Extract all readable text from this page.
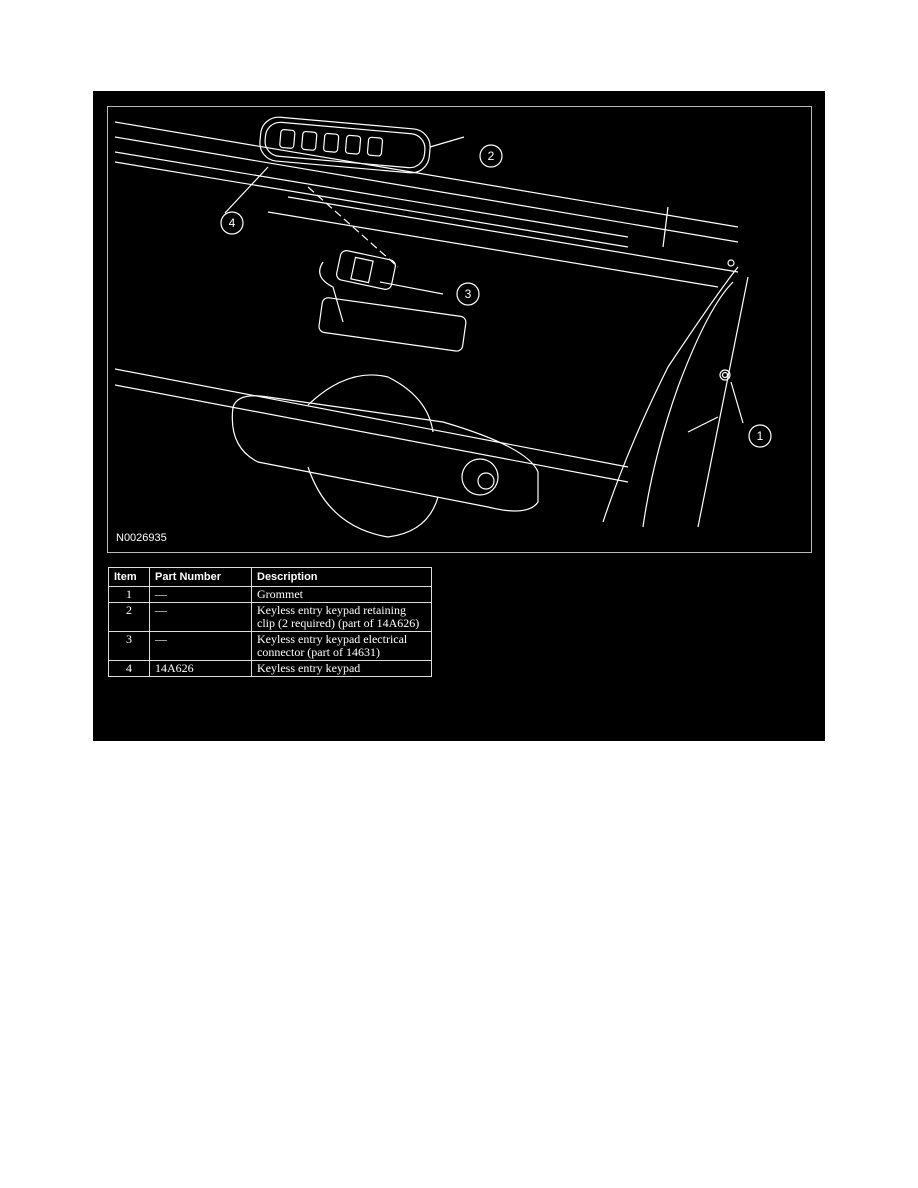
1
2
3
4
N0026935
Item	Part Number	Description
1	—	Grommet
2	—	Keyless entry keypad retaining clip (2 required) (part of 14A626)
3	—	Keyless entry keypad electrical connector (part of 14631)
4	14A626	Keyless entry keypad
